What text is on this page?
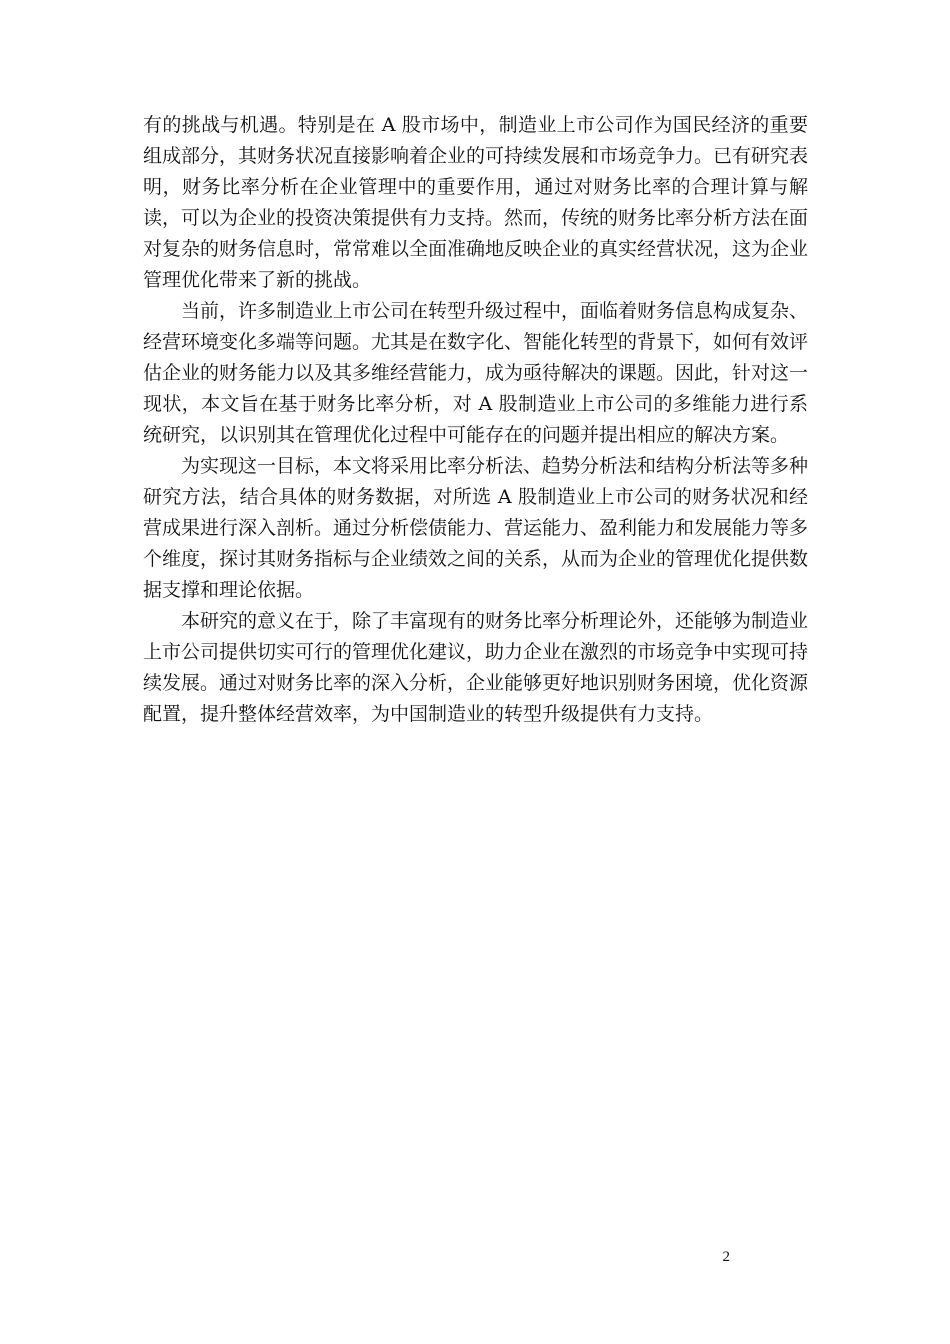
有的挑战与机遇。特别是在 A 股市场中，制造业上市公司作为国民经济的重要组成部分，其财务状况直接影响着企业的可持续发展和市场竞争力。已有研究表明，财务比率分析在企业管理中的重要作用，通过对财务比率的合理计算与解读，可以为企业的投资决策提供有力支持。然而，传统的财务比率分析方法在面对复杂的财务信息时，常常难以全面准确地反映企业的真实经营状况，这为企业管理优化带来了新的挑战。

当前，许多制造业上市公司在转型升级过程中，面临着财务信息构成复杂、经营环境变化多端等问题。尤其是在数字化、智能化转型的背景下，如何有效评估企业的财务能力以及其多维经营能力，成为亟待解决的课题。因此，针对这一现状，本文旨在基于财务比率分析，对 A 股制造业上市公司的多维能力进行系统研究，以识别其在管理优化过程中可能存在的问题并提出相应的解决方案。

为实现这一目标，本文将采用比率分析法、趋势分析法和结构分析法等多种研究方法，结合具体的财务数据，对所选 A 股制造业上市公司的财务状况和经营成果进行深入剖析。通过分析偿债能力、营运能力、盈利能力和发展能力等多个维度，探讨其财务指标与企业绩效之间的关系，从而为企业的管理优化提供数据支撑和理论依据。

本研究的意义在于，除了丰富现有的财务比率分析理论外，还能够为制造业上市公司提供切实可行的管理优化建议，助力企业在激烈的市场竞争中实现可持续发展。通过对财务比率的深入分析，企业能够更好地识别财务困境，优化资源配置，提升整体经营效率，为中国制造业的转型升级提供有力支持。

2
